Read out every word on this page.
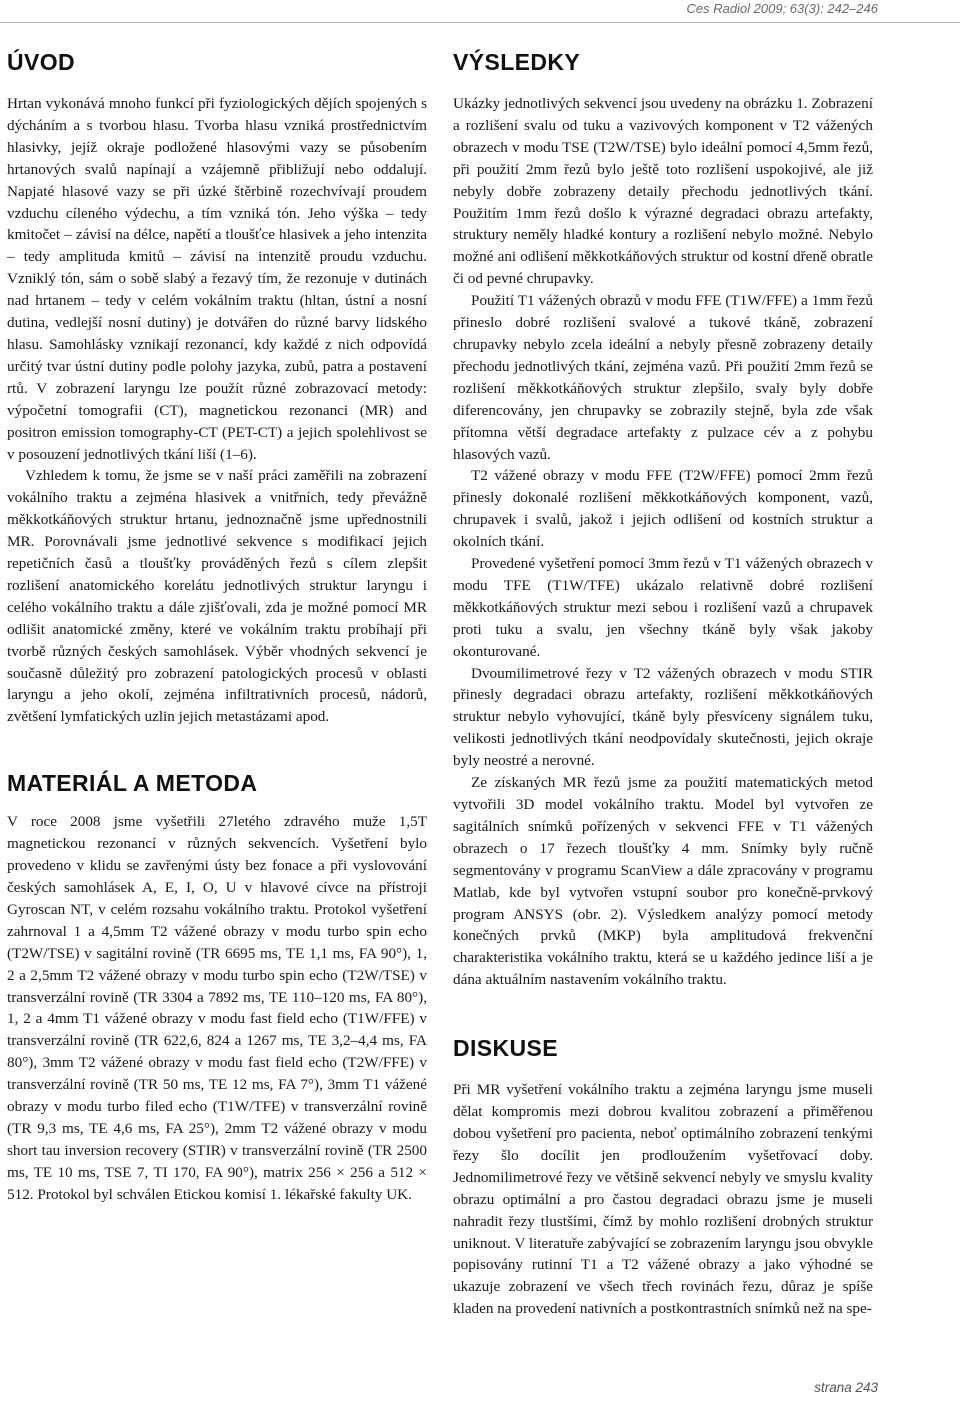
Ces Radiol 2009; 63(3): 242–246
ÚVOD

Hrtan vykonává mnoho funkcí při fyziologických dějích spojených s dýcháním a s tvorbou hlasu. Tvorba hlasu vzniká prostřednictvím hlasivky, jejíž okraje podložené hlasovými vazy se působením hrtanových svalů napínají a vzájemně přibližují nebo oddalují. Napjaté hlasové vazy se při úzké štěrbině rozechvívají proudem vzduchu cíleného výdechu, a tím vzniká tón. Jeho výška – tedy kmitočet – závisí na délce, napětí a tloušťce hlasivek a jeho intenzita – tedy amplituda kmitů – závisí na intenzitě proudu vzduchu. Vzniklý tón, sám o sobě slabý a řezavý tím, že rezonuje v dutinách nad hrtanem – tedy v celém vokálním traktu (hltan, ústní a nosní dutina, vedlejší nosní dutiny) je dotvářen do různé barvy lidského hlasu. Samohlásky vznikají rezonancí, kdy každé z nich odpovídá určitý tvar ústní dutiny podle polohy jazyka, zubů, patra a postavení rtů. V zobrazení laryngu lze použít různé zobrazovací metody: výpočetní tomografii (CT), magnetickou rezonanci (MR) and positron emission tomography-CT (PET-CT) a jejich spolehlivost se v posouzení jednotlivých tkání liší (1–6).

Vzhledem k tomu, že jsme se v naší práci zaměřili na zobrazení vokálního traktu a zejména hlasivek a vnitřních, tedy převážně měkkotkáňových struktur hrtanu, jednoznačně jsme upřednostnili MR. Porovnávali jsme jednotlivé sekvence s modifikací jejich repetičních časů a tloušťky prováděných řezů s cílem zlepšit rozlišení anatomického korelátu jednotlivých struktur laryngu i celého vokálního traktu a dále zjišťovali, zda je možné pomocí MR odlišit anatomické změny, které ve vokálním traktu probíhají při tvorbě různých českých samohlásek. Výběr vhodných sekvencí je současně důležitý pro zobrazení patologických procesů v oblasti laryngu a jeho okolí, zejména infiltrativních procesů, nádorů, zvětšení lymfatických uzlin jejich metastázami apod.

MATERIÁL A METODA

V roce 2008 jsme vyšetřili 27letého zdravého muže 1,5T magnetickou rezonancí v různých sekvencích. Vyšetření bylo provedeno v klidu se zavřenými ústy bez fonace a při vyslovování českých samohlásek A, E, I, O, U v hlavové cívce na přístroji Gyroscan NT, v celém rozsahu vokálního traktu. Protokol vyšetření zahrnoval 1 a 4,5mm T2 vážené obrazy v modu turbo spin echo (T2W/TSE) v sagitální rovině (TR 6695 ms, TE 1,1 ms, FA 90°), 1, 2 a 2,5mm T2 vážené obrazy v modu turbo spin echo (T2W/TSE) v transverzální rovině (TR 3304 a 7892 ms, TE 110–120 ms, FA 80°), 1, 2 a 4mm T1 vážené obrazy v modu fast field echo (T1W/FFE) v transverzální rovině (TR 622,6, 824 a 1267 ms, TE 3,2–4,4 ms, FA 80°), 3mm T2 vážené obrazy v modu fast field echo (T2W/FFE) v transverzální rovině (TR 50 ms, TE 12 ms, FA 7°), 3mm T1 vážené obrazy v modu turbo filed echo (T1W/TFE) v transverzální rovině (TR 9,3 ms, TE 4,6 ms, FA 25°), 2mm T2 vážené obrazy v modu short tau inversion recovery (STIR) v transverzální rovině (TR 2500 ms, TE 10 ms, TSE 7, TI 170, FA 90°), matrix 256 × 256 a 512 × 512. Protokol byl schválen Etickou komisí 1. lékařské fakulty UK.

VÝSLEDKY

Ukázky jednotlivých sekvencí jsou uvedeny na obrázku 1. Zobrazení a rozlišení svalu od tuku a vazivových komponent v T2 vážených obrazech v modu TSE (T2W/TSE) bylo ideální pomocí 4,5mm řezů, při použití 2mm řezů bylo ještě toto rozlišení uspokojivé, ale již nebyly dobře zobrazeny detaily přechodu jednotlivých tkání. Použitím 1mm řezů došlo k výrazné degradaci obrazu artefakty, struktury neměly hladké kontury a rozlišení nebylo možné. Nebylo možné ani odlišení měkkotkáňových struktur od kostní dřeně obratle či od pevné chrupavky.

Použití T1 vážených obrazů v modu FFE (T1W/FFE) a 1mm řezů přineslo dobré rozlišení svalové a tukové tkáně, zobrazení chrupavky nebylo zcela ideální a nebyly přesně zobrazeny detaily přechodu jednotlivých tkání, zejména vazů. Při použití 2mm řezů se rozlišení měkkotkáňových struktur zlepšilo, svaly byly dobře diferencovány, jen chrupavky se zobrazily stejně, byla zde však přítomna větší degradace artefakty z pulzace cév a z pohybu hlasových vazů.

T2 vážené obrazy v modu FFE (T2W/FFE) pomocí 2mm řezů přinesly dokonalé rozlišení měkkotkáňových komponent, vazů, chrupavek i svalů, jakož i jejich odlišení od kostních struktur a okolních tkání.

Provedené vyšetření pomocí 3mm řezů v T1 vážených obrazech v modu TFE (T1W/TFE) ukázalo relativně dobré rozlišení měkkotkáňových struktur mezi sebou i rozlišení vazů a chrupavek proti tuku a svalu, jen všechny tkáně byly však jakoby okonturované.

Dvoumilimetrové řezy v T2 vážených obrazech v modu STIR přinesly degradaci obrazu artefakty, rozlišení měkkotkáňových struktur nebylo vyhovující, tkáně byly přesvíceny signálem tuku, velikosti jednotlivých tkání neodpovídaly skutečnosti, jejich okraje byly neostré a nerovné.

Ze získaných MR řezů jsme za použití matematických metod vytvořili 3D model vokálního traktu. Model byl vytvořen ze sagitálních snímků pořízených v sekvenci FFE v T1 vážených obrazech o 17 řezech tloušťky 4 mm. Snímky byly ručně segmentovány v programu ScanView a dále zpracovány v programu Matlab, kde byl vytvořen vstupní soubor pro konečně-prvkový program ANSYS (obr. 2). Výsledkem analýzy pomocí metody konečných prvků (MKP) byla amplitudová frekvenční charakteristika vokálního traktu, která se u každého jedince liší a je dána aktuálním nastavením vokálního traktu.

DISKUSE

Při MR vyšetření vokálního traktu a zejména laryngu jsme museli dělat kompromis mezi dobrou kvalitou zobrazení a přiměřenou dobou vyšetření pro pacienta, neboť optimálního zobrazení tenkými řezy šlo docílit jen prodloužením vyšetřovací doby. Jednomilimetrové řezy ve většině sekvencí nebyly ve smyslu kvality obrazu optimální a pro častou degradaci obrazu jsme je museli nahradit řezy tlustšími, čímž by mohlo rozlišení drobných struktur uniknout. V literatuře zabývající se zobrazením laryngu jsou obvykle popisovány rutinní T1 a T2 vážené obrazy a jako výhodné se ukazuje zobrazení ve všech třech rovinách řezu, důraz je spíše kladen na provedení nativních a postkontrastních snímků než na spe-

strana 243
